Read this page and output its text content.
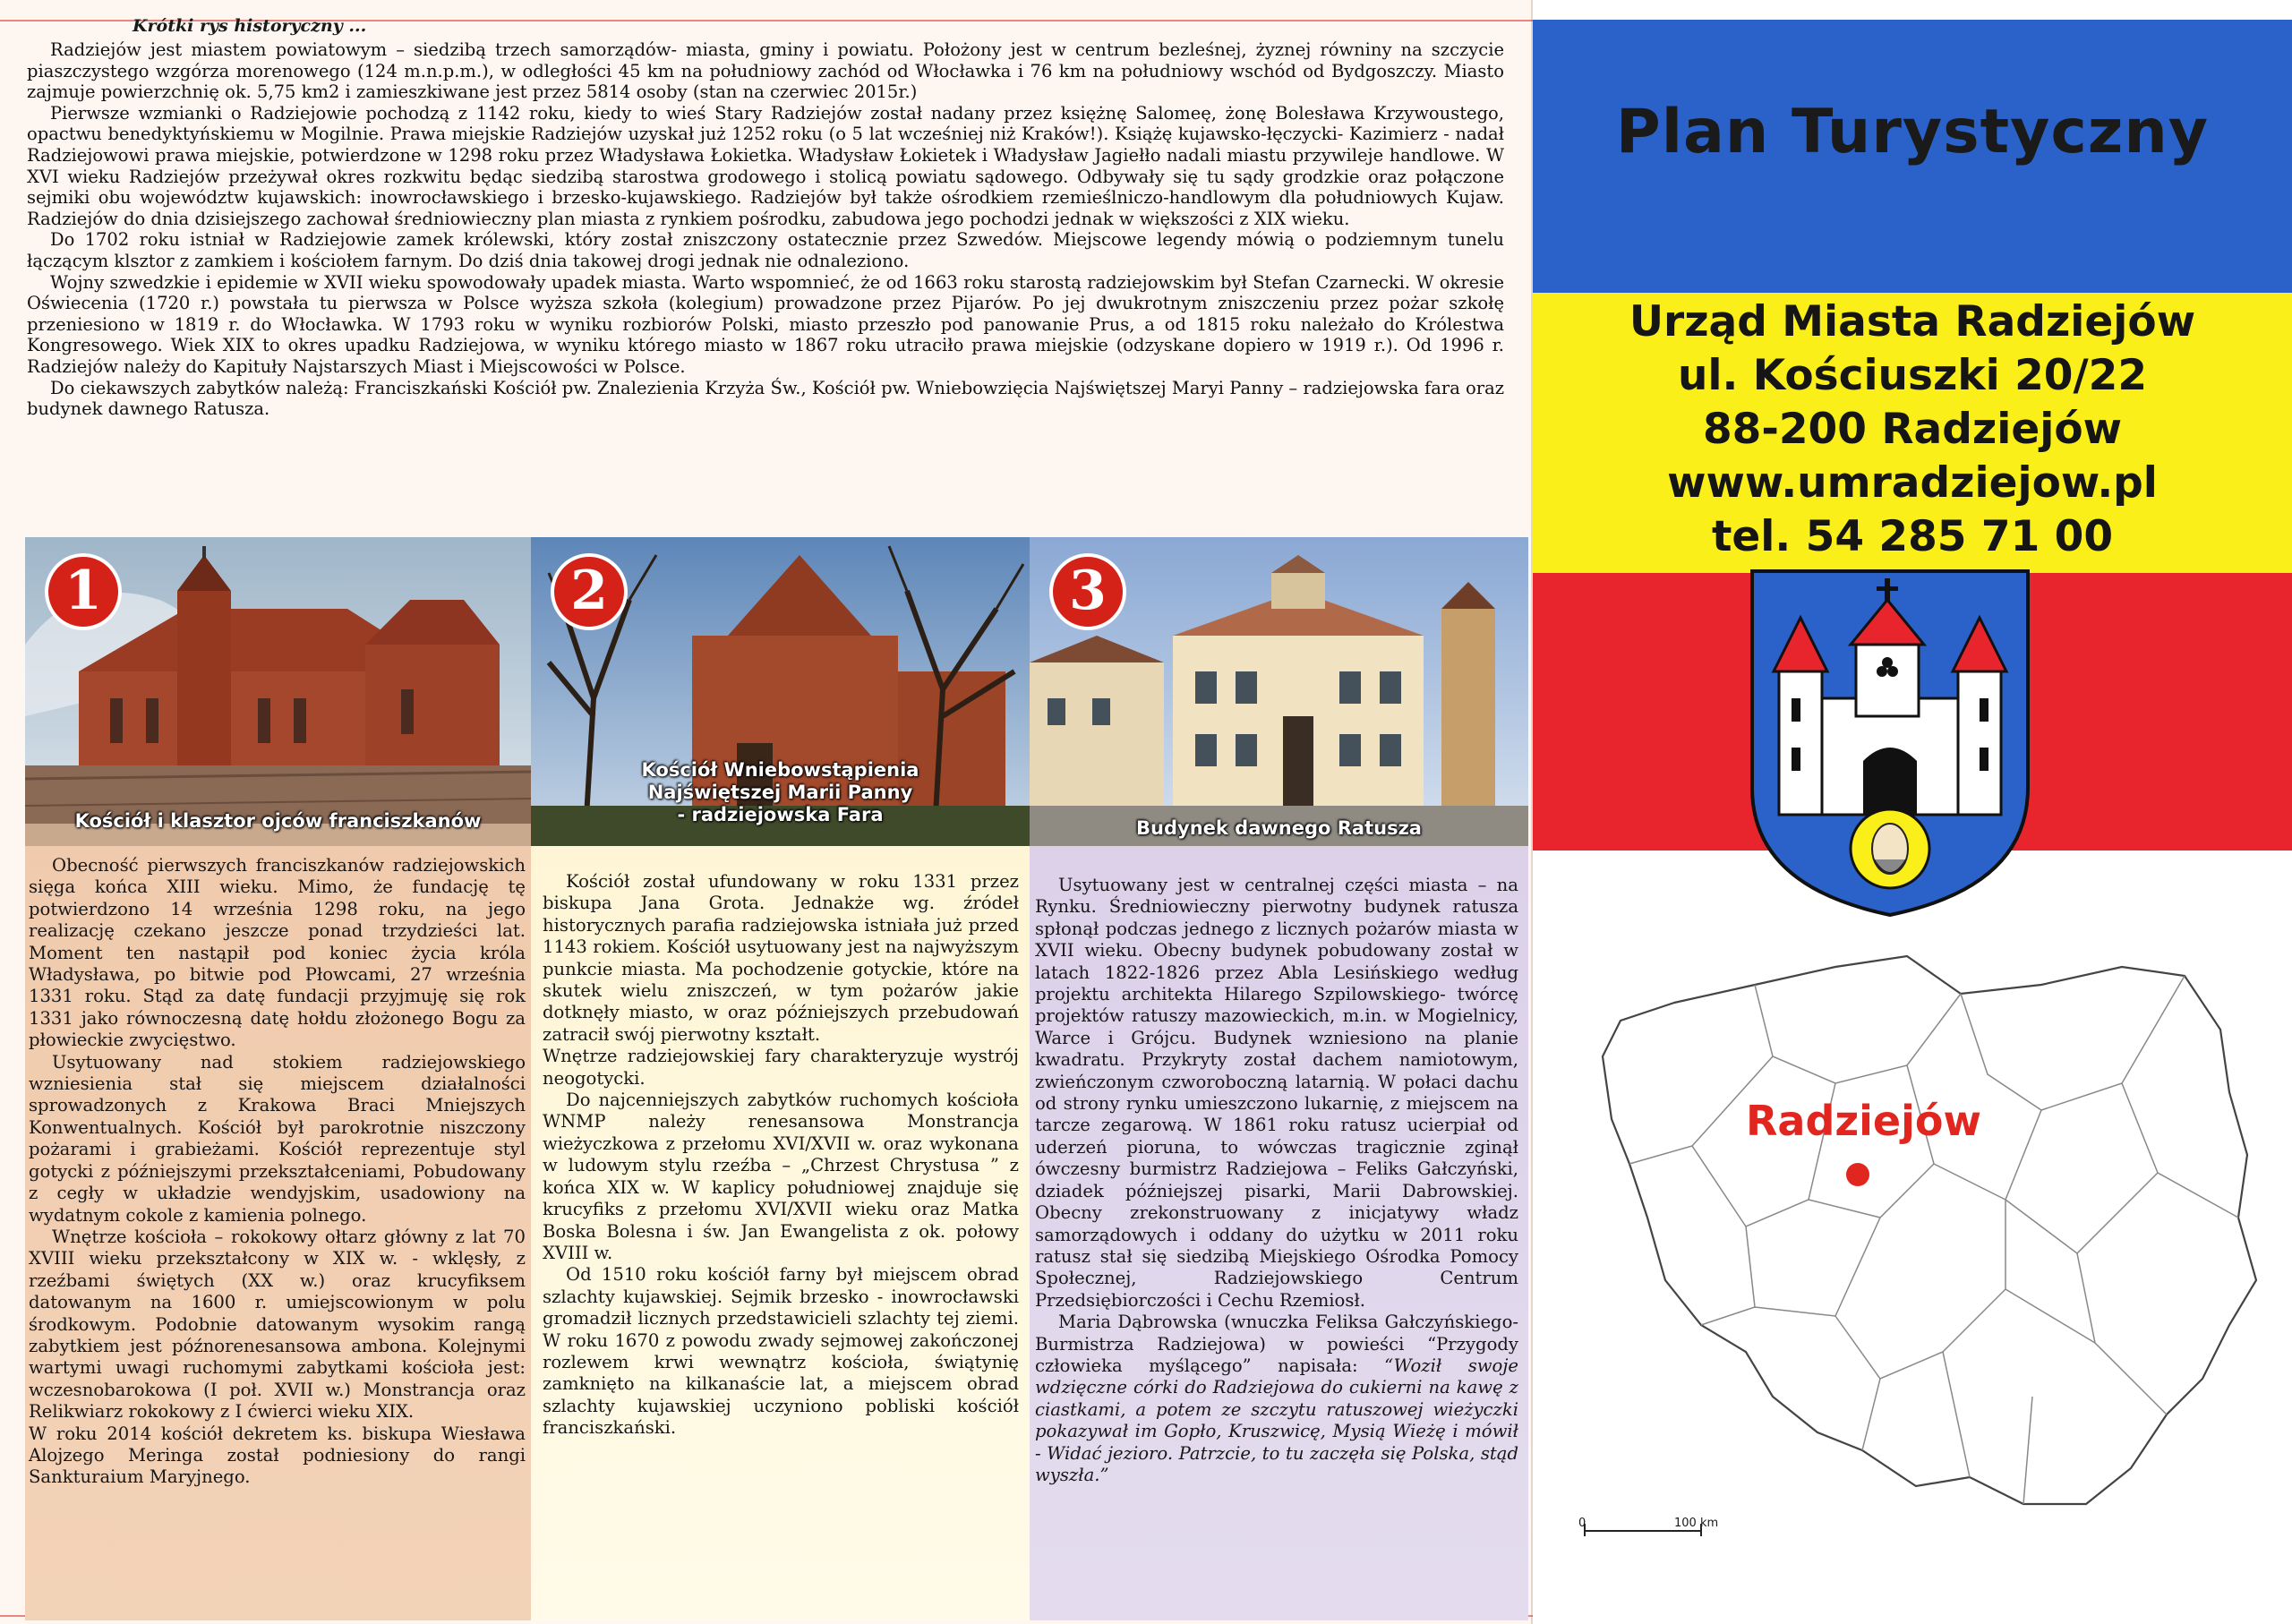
Krótki rys historyczny ...

Radziejów jest miastem powiatowym – siedzibą trzech samorządów- miasta, gminy i powiatu. Położony jest w centrum bezleśnej, żyznej równiny na szczycie piaszczystego wzgórza morenowego (124 m.n.p.m.), w odległości 45 km na południowy zachód od Włocławka i 76 km na południowy wschód od Bydgoszczy. Miasto zajmuje powierzchnię ok. 5,75 km2 i zamieszkiwane jest przez 5814 osoby (stan na czerwiec 2015r.)

Pierwsze wzmianki o Radziejowie pochodzą z 1142 roku, kiedy to wieś Stary Radziejów został nadany przez księżnę Salomeę, żonę Bolesława Krzywoustego, opactwu benedyktyńskiemu w Mogilnie. Prawa miejskie Radziejów uzyskał już 1252 roku (o 5 lat wcześniej niż Kraków!). Książę kujawsko-łęczycki- Kazimierz - nadał Radziejowowi prawa miejskie, potwierdzone w 1298 roku przez Władysława Łokietka. Władysław Łokietek i Władysław Jagiełło nadali miastu przywileje handlowe. W XVI wieku Radziejów przeżywał okres rozkwitu będąc siedzibą starostwa grodowego i stolicą powiatu sądowego. Odbywały się tu sądy grodzkie oraz połączone sejmiki obu województw kujawskich: inowrocławskiego i brzesko-kujawskiego. Radziejów był także ośrodkiem rzemieślniczo-handlowym dla południowych Kujaw. Radziejów do dnia dzisiejszego zachował średniowieczny plan miasta z rynkiem pośrodku, zabudowa jego pochodzi jednak w większości z XIX wieku.

Do 1702 roku istniał w Radziejowie zamek królewski, który został zniszczony ostatecznie przez Szwedów. Miejscowe legendy mówią o podziemnym tunelu łączącym klsztor z zamkiem i kościołem farnym. Do dziś dnia takowej drogi jednak nie odnaleziono.

Wojny szwedzkie i epidemie w XVII wieku spowodowały upadek miasta. Warto wspomnieć, że od 1663 roku starostą radziejowskim był Stefan Czarnecki. W okresie Oświecenia (1720 r.) powstała tu pierwsza w Polsce wyższa szkoła (kolegium) prowadzone przez Pijarów. Po jej dwukrotnym zniszczeniu przez pożar szkołę przeniesiono w 1819 r. do Włocławka. W 1793 roku w wyniku rozbiorów Polski, miasto przeszło pod panowanie Prus, a od 1815 roku należało do Królestwa Kongresowego. Wiek XIX to okres upadku Radziejowa, w wyniku którego miasto w 1867 roku utraciło prawa miejskie (odzyskane dopiero w 1919 r.). Od 1996 r. Radziejów należy do Kapituły Najstarszych Miast i Miejscowości w Polsce.

Do ciekawszych zabytków należą: Franciszkański Kościół pw. Znalezienia Krzyża Św., Kościół pw. Wniebowzięcia Najświętszej Maryi Panny – radziejowska fara oraz budynek dawnego Ratusza.

1	2	3
Kościół i klasztor ojców franciszkanów
Kościół Wniebowstąpienia
Najświętszej Marii Panny
- radziejowska Fara
Budynek dawnego Ratusza

Obecność pierwszych franciszkanów radziejowskich sięga końca XIII wieku. Mimo, że fundację tę potwierdzono 14 września 1298 roku, na jego realizację czekano jeszcze ponad trzydzieści lat. Moment ten nastąpił pod koniec życia króla Władysława, po bitwie pod Płowcami, 27 września 1331 roku. Stąd za datę fundacji przyjmuję się rok 1331 jako równoczesną datę hołdu złożonego Bogu za płowieckie zwycięstwo.

Usytuowany nad stokiem radziejowskiego wzniesienia stał się miejscem działalności sprowadzonych z Krakowa Braci Mniejszych Konwentualnych. Kościół był parokrotnie niszczony pożarami i grabieżami. Kościół reprezentuje styl gotycki z późniejszymi przekształceniami, Pobudowany z cegły w układzie wendyjskim, usadowiony na wydatnym cokole z kamienia polnego.

Wnętrze kościoła – rokokowy ołtarz główny z lat 70 XVIII wieku przekształcony w XIX w. - wklęsły, z rzeźbami świętych (XX w.) oraz krucyfiksem datowanym na 1600 r. umiejscowionym w polu środkowym. Podobnie datowanym wysokim rangą zabytkiem jest późnorenesansowa ambona. Kolejnymi wartymi uwagi ruchomymi zabytkami kościoła jest: wczesnobarokowa (I poł. XVII w.) Monstrancja oraz Relikwiarz rokokowy z I ćwierci wieku XIX.

W roku 2014 kościół dekretem ks. biskupa Wiesława Alojzego Meringa został podniesiony do rangi Sankturaium Maryjnego.

Kościół został ufundowany w roku 1331 przez biskupa Jana Grota. Jednakże wg. źródeł historycznych parafia radziejowska istniała już przed 1143 rokiem. Kościół usytuowany jest na najwyższym punkcie miasta. Ma pochodzenie gotyckie, które na skutek wielu zniszczeń, w tym pożarów jakie dotknęły miasto, w oraz późniejszych przebudowań zatracił swój pierwotny kształt.

Wnętrze radziejowskiej fary charakteryzuje wystrój neogotycki.

Do najcenniejszych zabytków ruchomych kościoła WNMP należy renesansowa Monstrancja wieżyczkowa z przełomu XVI/XVII w. oraz wykonana w ludowym stylu rzeźba – „Chrzest Chrystusa ” z końca XIX w. W kaplicy południowej znajduje się krucyfiks z przełomu XVI/XVII wieku oraz Matka Boska Bolesna i św. Jan Ewangelista z ok. połowy XVIII w.

Od 1510 roku kościół farny był miejscem obrad szlachty kujawskiej. Sejmik brzesko - inowrocławski gromadził licznych przedstawicieli szlachty tej ziemi. W roku 1670 z powodu zwady sejmowej zakończonej rozlewem krwi wewnątrz kościoła, świątynię zamknięto na kilkanaście lat, a miejscem obrad szlachty kujawskiej uczyniono pobliski kościół franciszkański.

Usytuowany jest w centralnej części miasta – na Rynku. Średniowieczny pierwotny budynek ratusza spłonął podczas jednego z licznych pożarów miasta w XVII wieku. Obecny budynek pobudowany został w latach 1822-1826 przez Abla Lesińskiego według projektu architekta Hilarego Szpilowskiego- twórcę projektów ratuszy mazowieckich, m.in. w Mogielnicy, Warce i Grójcu. Budynek wzniesiono na planie kwadratu. Przykryty został dachem namiotowym, zwieńczonym czworoboczną latarnią. W połaci dachu od strony rynku umieszczono lukarnię, z miejscem na tarcze zegarową. W 1861 roku ratusz ucierpiał od uderzeń pioruna, to wówczas tragicznie zginął ówczesny burmistrz Radziejowa – Feliks Gałczyński, dziadek późniejszej pisarki, Marii Dabrowskiej. Obecny zrekonstruowany z inicjatywy władz samorządowych i oddany do użytku w 2011 roku ratusz stał się siedzibą Miejskiego Ośrodka Pomocy Społecznej, Radziejowskiego Centrum Przedsiębiorczości i Cechu Rzemiosł.

Maria Dąbrowska (wnuczka Feliksa Gałczyńskiego-Burmistrza Radziejowa) w powieści “Przygody człowieka myślącego” napisała: “Woził swoje wdzięczne córki do Radziejowa do cukierni na kawę z ciastkami, a potem ze szczytu ratuszowej wieżyczki pokazywał im Gopło, Kruszwicę, Mysią Wieżę i mówił - Widać jezioro. Patrzcie, to tu zaczęła się Polska, stąd wyszła.”

Plan Turystyczny
Urząd Miasta Radziejów
ul. Kościuszki 20/22
88-200 Radziejów
www.umradziejow.pl
tel. 54 285 71 00
Radziejów
0	100 km
